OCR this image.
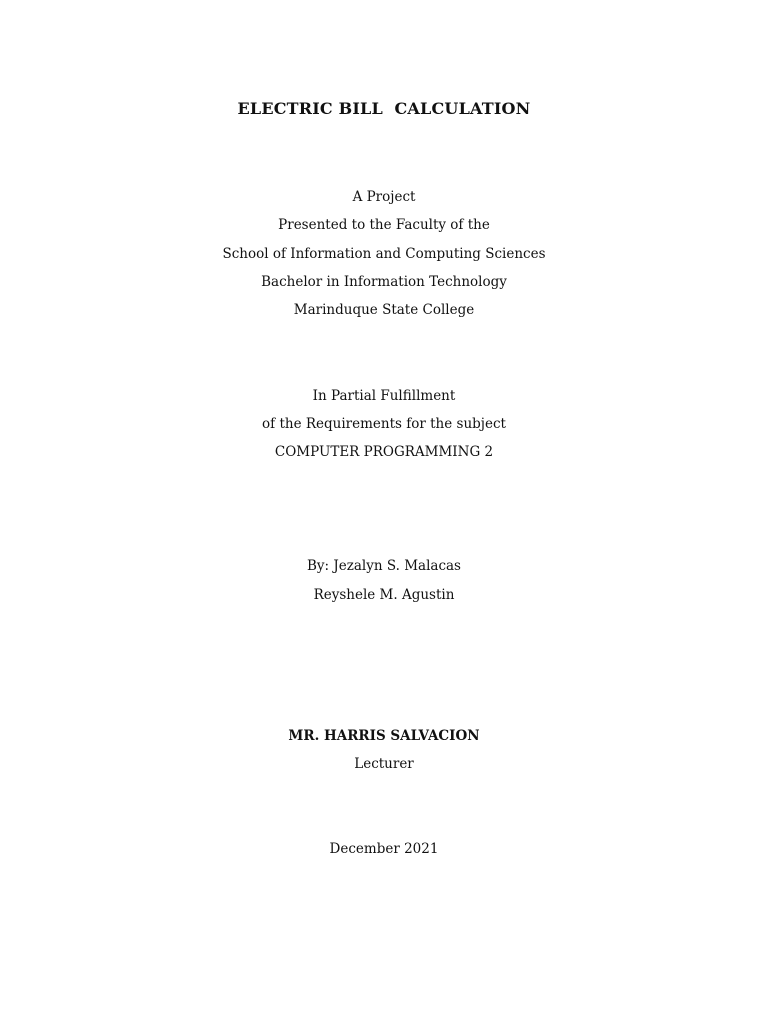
ELECTRIC BILL  CALCULATION
A Project
Presented to the Faculty of the
School of Information and Computing Sciences
Bachelor in Information Technology
Marinduque State College
In Partial Fulfillment
of the Requirements for the subject
COMPUTER PROGRAMMING 2
By: Jezalyn S. Malacas
Reyshele M. Agustin
MR. HARRIS SALVACION
Lecturer
December 2021
